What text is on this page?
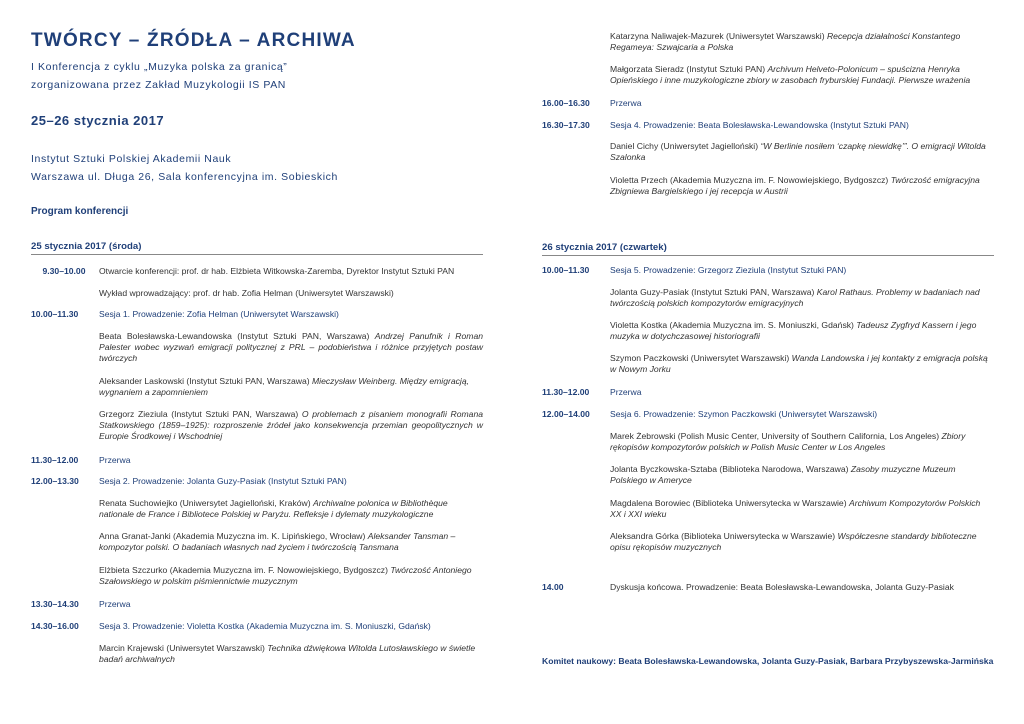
TWÓRCY – ŹRÓDŁA – ARCHIWA
I Konferencja z cyklu „Muzyka polska za granicą”
zorganizowana przez Zakład Muzykologii IS PAN
25–26 stycznia 2017
Instytut Sztuki Polskiej Akademii Nauk
Warszawa ul. Długa 26, Sala konferencyjna im. Sobieskich
Program konferencji
25 stycznia 2017 (środa)
9.30–10.00	Otwarcie konferencji: prof. dr hab. Elżbieta Witkowska-Zaremba, Dyrektor Instytut Sztuki PAN
Wykład wprowadzający: prof. dr hab. Zofia Helman (Uniwersytet Warszawski)
10.00–11.30	Sesja 1. Prowadzenie: Zofia Helman (Uniwersytet Warszawski)
Beata Bolesławska-Lewandowska (Instytut Sztuki PAN, Warszawa) Andrzej Panufnik i Roman Palester wobec wyzwań emigracji politycznej z PRL – podobieństwa i różnice przyjętych postaw twórczych
Aleksander Laskowski (Instytut Sztuki PAN, Warszawa) Mieczysław Weinberg. Między emigracją, wygnaniem a zapomnieniem
Grzegorz Zieziula (Instytut Sztuki PAN, Warszawa) O problemach z pisaniem monografii Romana Statkowskiego (1859–1925): rozproszenie źródeł jako konsekwencja przemian geopolitycznych w Europie Środkowej i Wschodniej
11.30–12.00	Przerwa
12.00–13.30	Sesja 2. Prowadzenie: Jolanta Guzy-Pasiak (Instytut Sztuki PAN)
Renata Suchowiejko (Uniwersytet Jagielloński, Kraków) Archiwalne polonica w Bibliothèque nationale de France i Bibliotece Polskiej w Paryżu. Refleksje i dylematy muzykologiczne
Anna Granat-Janki (Akademia Muzyczna im. K. Lipińskiego, Wrocław) Aleksander Tansman – kompozytor polski. O badaniach własnych nad życiem i twórczością Tansmana
Elżbieta Szczurko (Akademia Muzyczna im. F. Nowowiejskiego, Bydgoszcz) Twórczość Antoniego Szałowskiego w polskim piśmiennictwie muzycznym
13.30–14.30	Przerwa
14.30–16.00	Sesja 3. Prowadzenie: Violetta Kostka (Akademia Muzyczna im. S. Moniuszki, Gdańsk)
Marcin Krajewski (Uniwersytet Warszawski) Technika dźwiękowa Witolda Lutosławskiego w świetle badań archiwalnych
Katarzyna Naliwajek-Mazurek (Uniwersytet Warszawski) Recepcja działalności Konstantego Regameya: Szwajcaria a Polska
Małgorzata Sieradz (Instytut Sztuki PAN) Archivum Helveto-Polonicum – spuścizna Henryka Opieńskiego i inne muzykologiczne zbiory w zasobach fryburskiej Fundacji. Pierwsze wrażenia
16.00–16.30	Przerwa
16.30–17.30	Sesja 4. Prowadzenie: Beata Bolesławska-Lewandowska (Instytut Sztuki PAN)
Daniel Cichy (Uniwersytet Jagielloński) “W Berlinie nosiłem ‘czapkę niewidkę’”. O emigracji Witolda Szalonka
Violetta Przech (Akademia Muzyczna im. F. Nowowiejskiego, Bydgoszcz) Twórczość emigracyjna Zbigniewa Bargielskiego i jej recepcja w Austrii
26 stycznia 2017 (czwartek)
10.00–11.30	Sesja 5. Prowadzenie: Grzegorz Zieziula (Instytut Sztuki PAN)
Jolanta Guzy-Pasiak (Instytut Sztuki PAN, Warszawa) Karol Rathaus. Problemy w badaniach nad twórczością polskich kompozytorów emigracyjnych
Violetta Kostka (Akademia Muzyczna im. S. Moniuszki, Gdańsk) Tadeusz Zygfryd Kassern i jego muzyka w dotychczasowej historiografii
Szymon Paczkowski (Uniwersytet Warszawski) Wanda Landowska i jej kontakty z emigracja polską w Nowym Jorku
11.30–12.00	Przerwa
12.00–14.00	Sesja 6. Prowadzenie: Szymon Paczkowski (Uniwersytet Warszawski)
Marek Żebrowski (Polish Music Center, University of Southern California, Los Angeles) Zbiory rękopisów kompozytorów polskich w Polish Music Center w Los Angeles
Jolanta Byczkowska-Sztaba (Biblioteka Narodowa, Warszawa) Zasoby muzyczne Muzeum Polskiego w Ameryce
Magdalena Borowiec (Biblioteka Uniwersytecka w Warszawie) Archiwum Kompozytorów Polskich XX i XXI wieku
Aleksandra Górka (Biblioteka Uniwersytecka w Warszawie) Współczesne standardy biblioteczne opisu rękopisów muzycznych
14.00	Dyskusja końcowa. Prowadzenie: Beata Bolesławska-Lewandowska, Jolanta Guzy-Pasiak
Komitet naukowy: Beata Bolesławska-Lewandowska, Jolanta Guzy-Pasiak, Barbara Przybyszewska-Jarmińska
